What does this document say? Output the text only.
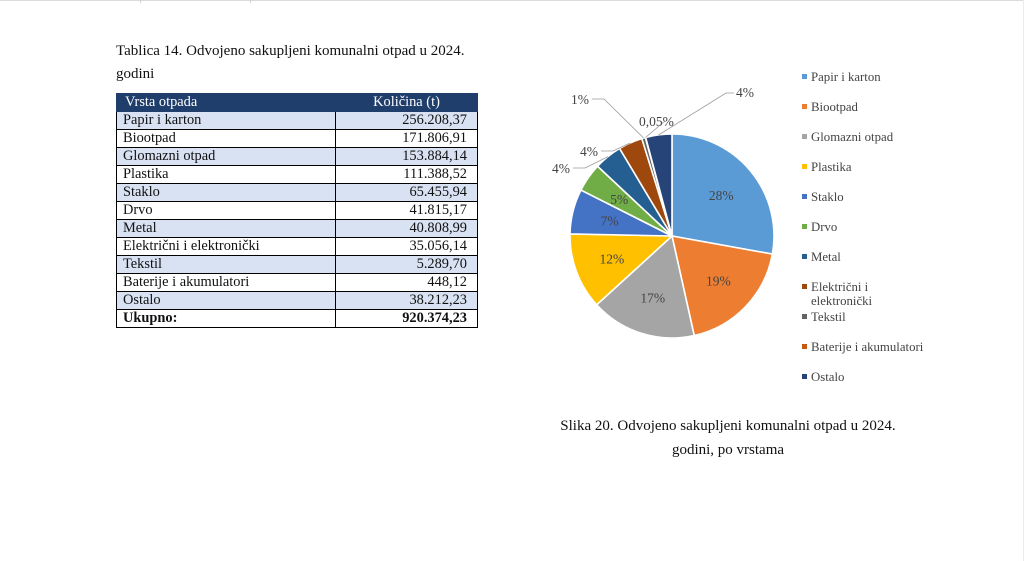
Tablica 14. Odvojeno sakupljeni komunalni otpad u 2024. godini
Vrsta otpada	Količina (t)
Papir i karton	256.208,37
Biootpad	171.806,91
Glomazni otpad	153.884,14
Plastika	111.388,52
Staklo	65.455,94
Drvo	41.815,17
Metal	40.808,99
Električni i elektronički	35.056,14
Tekstil	5.289,70
Baterije i akumulatori	448,12
Ostalo	38.212,23
Ukupno:	920.374,23
28%
19%
17%
12%
7%
5%
4%
4%
1%
0,05%
4%
Papir i karton
Biootpad
Glomazni otpad
Plastika
Staklo
Drvo
Metal
Električni i elektronički
Tekstil
Baterije i akumulatori
Ostalo
Slika 20. Odvojeno sakupljeni komunalni otpad u 2024. godini, po vrstama
